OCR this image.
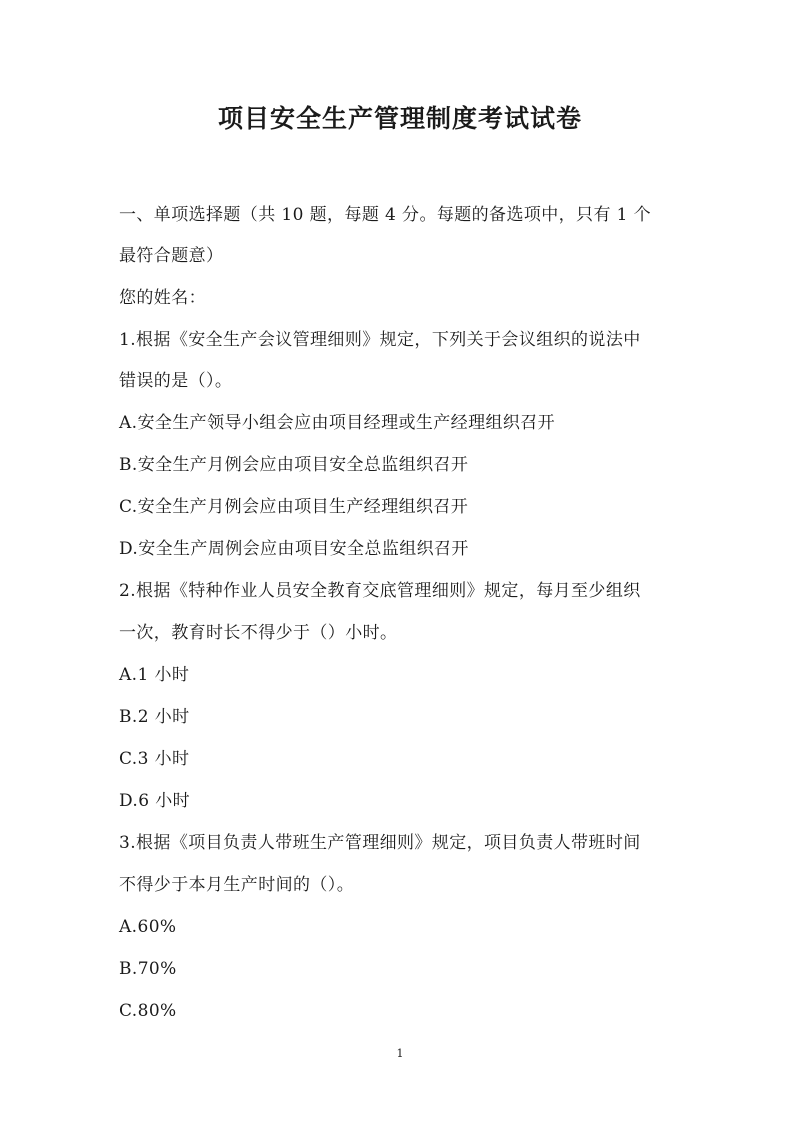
项目安全生产管理制度考试试卷
一、单项选择题（共 10 题，每题 4 分。每题的备选项中，只有 1 个
最符合题意）
您的姓名：
1.根据《安全生产会议管理细则》规定，下列关于会议组织的说法中
错误的是（）。
A.安全生产领导小组会应由项目经理或生产经理组织召开
B.安全生产月例会应由项目安全总监组织召开
C.安全生产月例会应由项目生产经理组织召开
D.安全生产周例会应由项目安全总监组织召开
2.根据《特种作业人员安全教育交底管理细则》规定，每月至少组织
一次，教育时长不得少于（）小时。
A.1 小时
B.2 小时
C.3 小时
D.6 小时
3.根据《项目负责人带班生产管理细则》规定，项目负责人带班时间
不得少于本月生产时间的（）。
A.60%
B.70%
C.80%
1
